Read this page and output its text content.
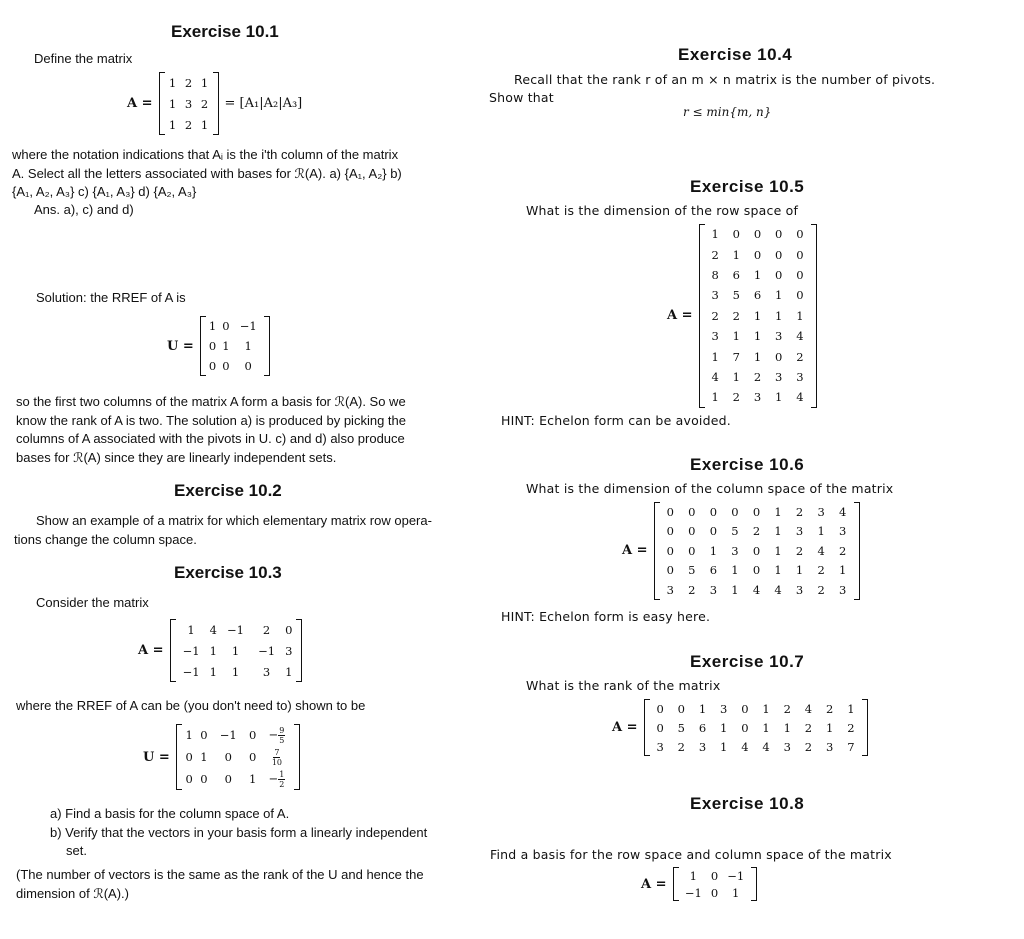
Exercise 10.1
Define the matrix
A =
1	2	1
1	3	2
1	2	1
= [A₁|A₂|A₃]
where the notation indications that Aᵢ is the i'th column of the matrix
A. Select all the letters associated with bases for ℛ(A). a) {A₁, A₂} b)
{A₁, A₂, A₃} c) {A₁, A₃} d) {A₂, A₃}
Ans. a), c) and d)
Solution: the RREF of A is
U =
1	0	−1
0	1	1
0	0	0
so the first two columns of the matrix A form a basis for ℛ(A). So we
know the rank of A is two. The solution a) is produced by picking the
columns of A associated with the pivots in U. c) and d) also produce
bases for ℛ(A) since they are linearly independent sets.
Exercise 10.2
Show an example of a matrix for which elementary matrix row opera-
tions change the column space.
Exercise 10.3
Consider the matrix
A =
1	4	−1	2	0
−1	1	1	−1	3
−1	1	1	3	1
where the RREF of A can be (you don't need to) shown to be
U =
1	0	−1	0	− $\frac{9}{5}$

0	1	0	0	$\frac{7}{10}$

0	0	0	1	− $\frac{1}{2}$
a) Find a basis for the column space of A.
b) Verify that the vectors in your basis form a linearly independent
set.
(The number of vectors is the same as the rank of the U and hence the
dimension of ℛ(A).)
Exercise 10.4
Recall that the rank r of an m × n matrix is the number of pivots.
Show that
r ≤ min{m, n}
Exercise 10.5
What is the dimension of the row space of
A =
1	0	0	0	0
2	1	0	0	0
8	6	1	0	0
3	5	6	1	0
2	2	1	1	1
3	1	1	3	4
1	7	1	0	2
4	1	2	3	3
1	2	3	1	4
HINT: Echelon form can be avoided.
Exercise 10.6
What is the dimension of the column space of the matrix
A =
0	0	0	0	0	1	2	3	4
0	0	0	5	2	1	3	1	3
0	0	1	3	0	1	2	4	2
0	5	6	1	0	1	1	2	1
3	2	3	1	4	4	3	2	3
HINT: Echelon form is easy here.
Exercise 10.7
What is the rank of the matrix
A =
0	0	1	3	0	1	2	4	2	1
0	5	6	1	0	1	1	2	1	2
3	2	3	1	4	4	3	2	3	7
Exercise 10.8
Find a basis for the row space and column space of the matrix
A =
1	0	−1
−1	0	1
